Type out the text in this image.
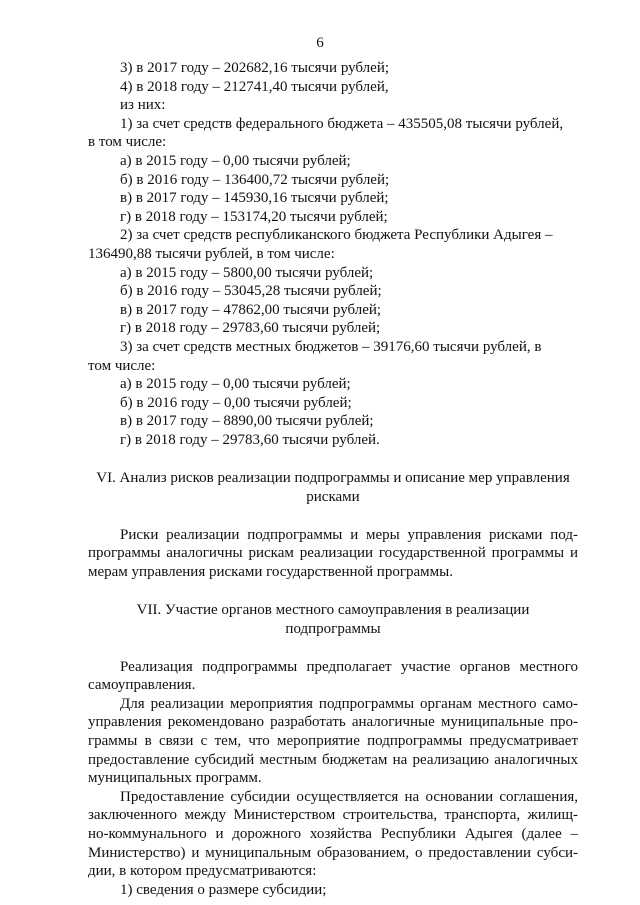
6
3) в 2017 году – 202682,16 тысячи рублей;
4) в 2018 году – 212741,40 тысячи рублей,
из них:
1) за счет средств федерального бюджета – 435505,08 тысячи рублей,
в том числе:
а) в 2015 году – 0,00 тысячи рублей;
б) в 2016 году – 136400,72 тысячи рублей;
в) в 2017 году – 145930,16 тысячи рублей;
г) в 2018 году – 153174,20 тысячи рублей;
2) за счет средств республиканского бюджета Республики Адыгея –
136490,88 тысячи рублей, в том числе:
а) в 2015 году – 5800,00 тысячи рублей;
б) в 2016 году – 53045,28 тысячи рублей;
в) в 2017 году – 47862,00 тысячи рублей;
г) в 2018 году – 29783,60 тысячи рублей;
3) за счет средств местных бюджетов – 39176,60 тысячи рублей, в
том числе:
а) в 2015 году – 0,00 тысячи рублей;
б) в 2016 году – 0,00 тысячи рублей;
в) в 2017 году – 8890,00 тысячи рублей;
г) в 2018 году – 29783,60 тысячи рублей.
VI. Анализ рисков реализации подпрограммы и описание мер управления
рисками
Риски реализации подпрограммы и меры управления рисками под-
программы аналогичны рискам реализации государственной программы и
мерам управления рисками государственной программы.
VII. Участие органов местного самоуправления в реализации
подпрограммы
Реализация подпрограммы предполагает участие органов местного
самоуправления.
Для реализации мероприятия подпрограммы органам местного само-
управления рекомендовано разработать аналогичные муниципальные про-
граммы в связи с тем, что мероприятие подпрограммы предусматривает
предоставление субсидий местным бюджетам на реализацию аналогичных
муниципальных программ.
Предоставление субсидии осуществляется на основании соглашения,
заключенного между Министерством строительства, транспорта, жилищ-
но-коммунального и дорожного хозяйства Республики Адыгея (далее –
Министерство) и муниципальным образованием, о предоставлении субси-
дии, в котором предусматриваются:
1) сведения о размере субсидии;
